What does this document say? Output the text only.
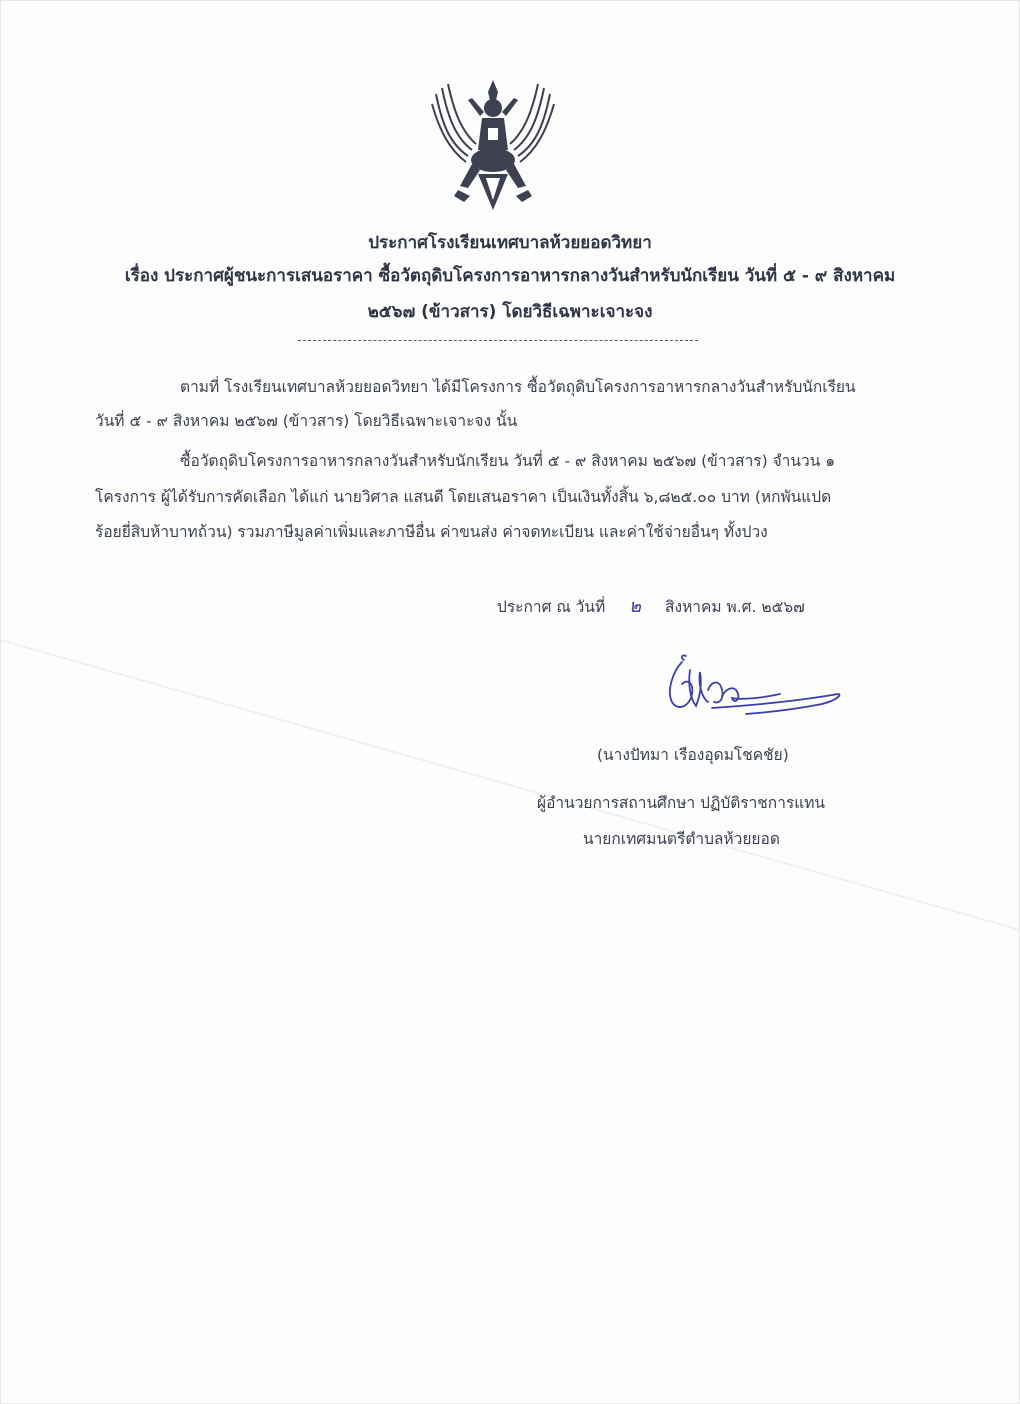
ประกาศโรงเรียนเทศบาลห้วยยอดวิทยา
เรื่อง ประกาศผู้ชนะการเสนอราคา ซื้อวัตถุดิบโครงการอาหารกลางวันสำหรับนักเรียน วันที่ ๕ - ๙ สิงหาคม
๒๕๖๗ (ข้าวสาร) โดยวิธีเฉพาะเจาะจง
ตามที่ โรงเรียนเทศบาลห้วยยอดวิทยา ได้มีโครงการ ซื้อวัตถุดิบโครงการอาหารกลางวันสำหรับนักเรียน
วันที่ ๕ - ๙ สิงหาคม ๒๕๖๗ (ข้าวสาร) โดยวิธีเฉพาะเจาะจง นั้น
ซื้อวัตถุดิบโครงการอาหารกลางวันสำหรับนักเรียน วันที่ ๕ - ๙ สิงหาคม ๒๕๖๗ (ข้าวสาร) จำนวน ๑
โครงการ ผู้ได้รับการคัดเลือก ได้แก่ นายวิศาล แสนดี โดยเสนอราคา เป็นเงินทั้งสิ้น ๖,๘๒๕.๐๐ บาท (หกพันแปด
ร้อยยี่สิบห้าบาทถ้วน) รวมภาษีมูลค่าเพิ่มและภาษีอื่น ค่าขนส่ง ค่าจดทะเบียน และค่าใช้จ่ายอื่นๆ ทั้งปวง
ประกาศ ณ วันที่ ๒ สิงหาคม พ.ศ. ๒๕๖๗
(นางปัทมา เรืองอุดมโชคชัย)
ผู้อำนวยการสถานศึกษา ปฏิบัติราชการแทน
นายกเทศมนตรีตำบลห้วยยอด
